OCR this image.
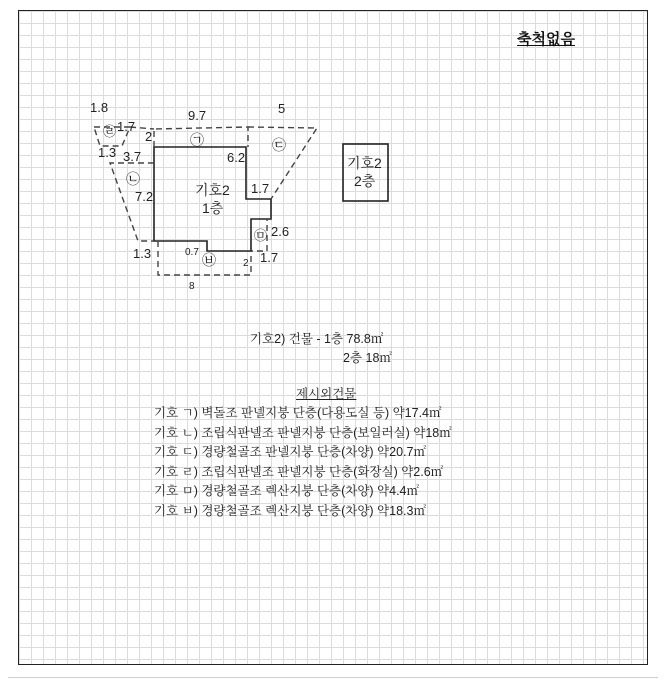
축척없음
기호2
1층
기호2
2층
㉠
㉡
㉢
㉣
㉤
㉥
1.8
9.7	5
1.7
2
1.3 3.7	6.2
7.2
1.7
2.6
1.3	0.7
2 1.7
8
기호2) 건물 - 1층 78.8㎡
2층 18㎡
제시외건물
기호 ㄱ) 벽돌조 판넬지붕 단층(다용도실 등) 약17.4㎡
기호 ㄴ) 조립식판넬조 판넬지붕 단층(보일러실) 약18㎡
기호 ㄷ) 경량철골조 판넬지붕 단층(차양) 약20.7㎡
기호 ㄹ) 조립식판넬조 판넬지붕 단층(화장실) 약2.6㎡
기호 ㅁ) 경량철골조 렉산지붕 단층(차양) 약4.4㎡
기호 ㅂ) 경량철골조 렉산지붕 단층(차양) 약18.3㎡
